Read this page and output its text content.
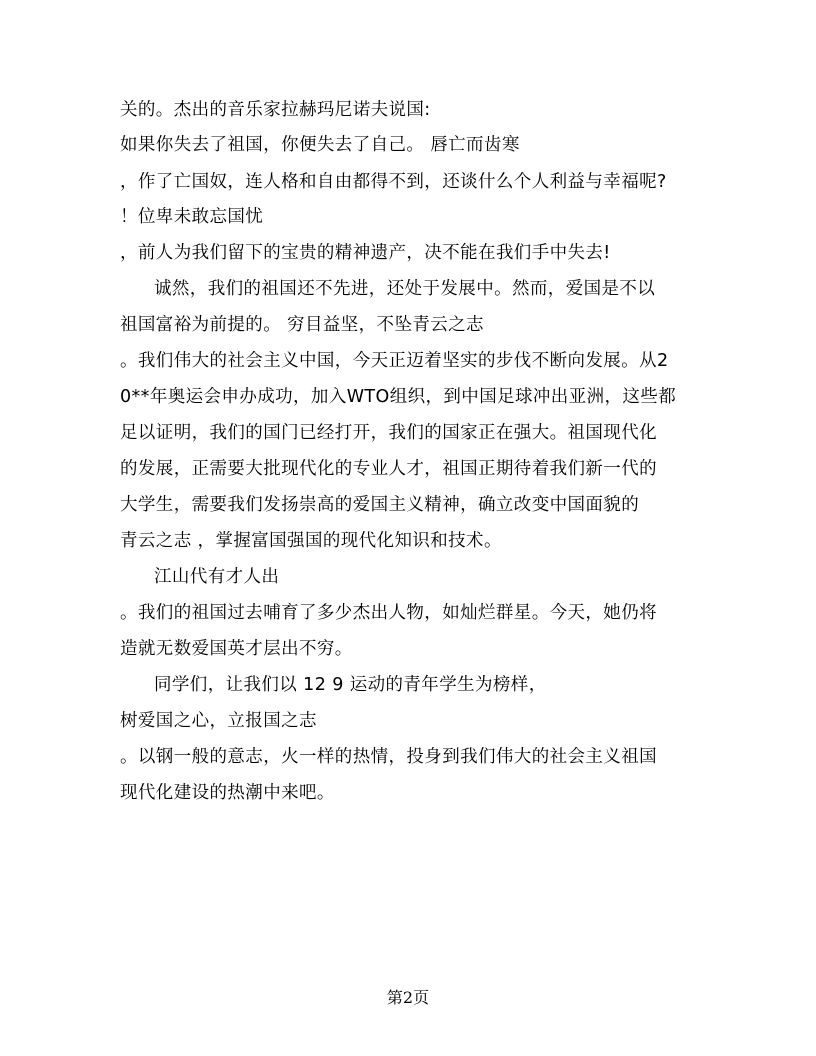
关的。杰出的音乐家拉赫玛尼诺夫说国:
如果你失去了祖国，你便失去了自己。 唇亡而齿寒
，作了亡国奴，连人格和自由都得不到，还谈什么个人利益与幸福呢?
！位卑未敢忘国忧
，前人为我们留下的宝贵的精神遗产，决不能在我们手中失去!
诚然，我们的祖国还不先进，还处于发展中。然而，爱国是不以
祖国富裕为前提的。 穷目益坚，不坠青云之志
。我们伟大的社会主义中国，今天正迈着坚实的步伐不断向发展。从2
0**年奥运会申办成功，加入WTO组织，到中国足球冲出亚洲，这些都
足以证明，我们的国门已经打开，我们的国家正在强大。祖国现代化
的发展，正需要大批现代化的专业人才，祖国正期待着我们新一代的
大学生，需要我们发扬崇高的爱国主义精神，确立改变中国面貌的
青云之志 ，掌握富国强国的现代化知识和技术。
江山代有才人出
。我们的祖国过去哺育了多少杰出人物，如灿烂群星。今天，她仍将
造就无数爱国英才层出不穷。
同学们，让我们以 12 9 运动的青年学生为榜样，
树爱国之心，立报国之志
。以钢一般的意志，火一样的热情，投身到我们伟大的社会主义祖国
现代化建设的热潮中来吧。
第2页
